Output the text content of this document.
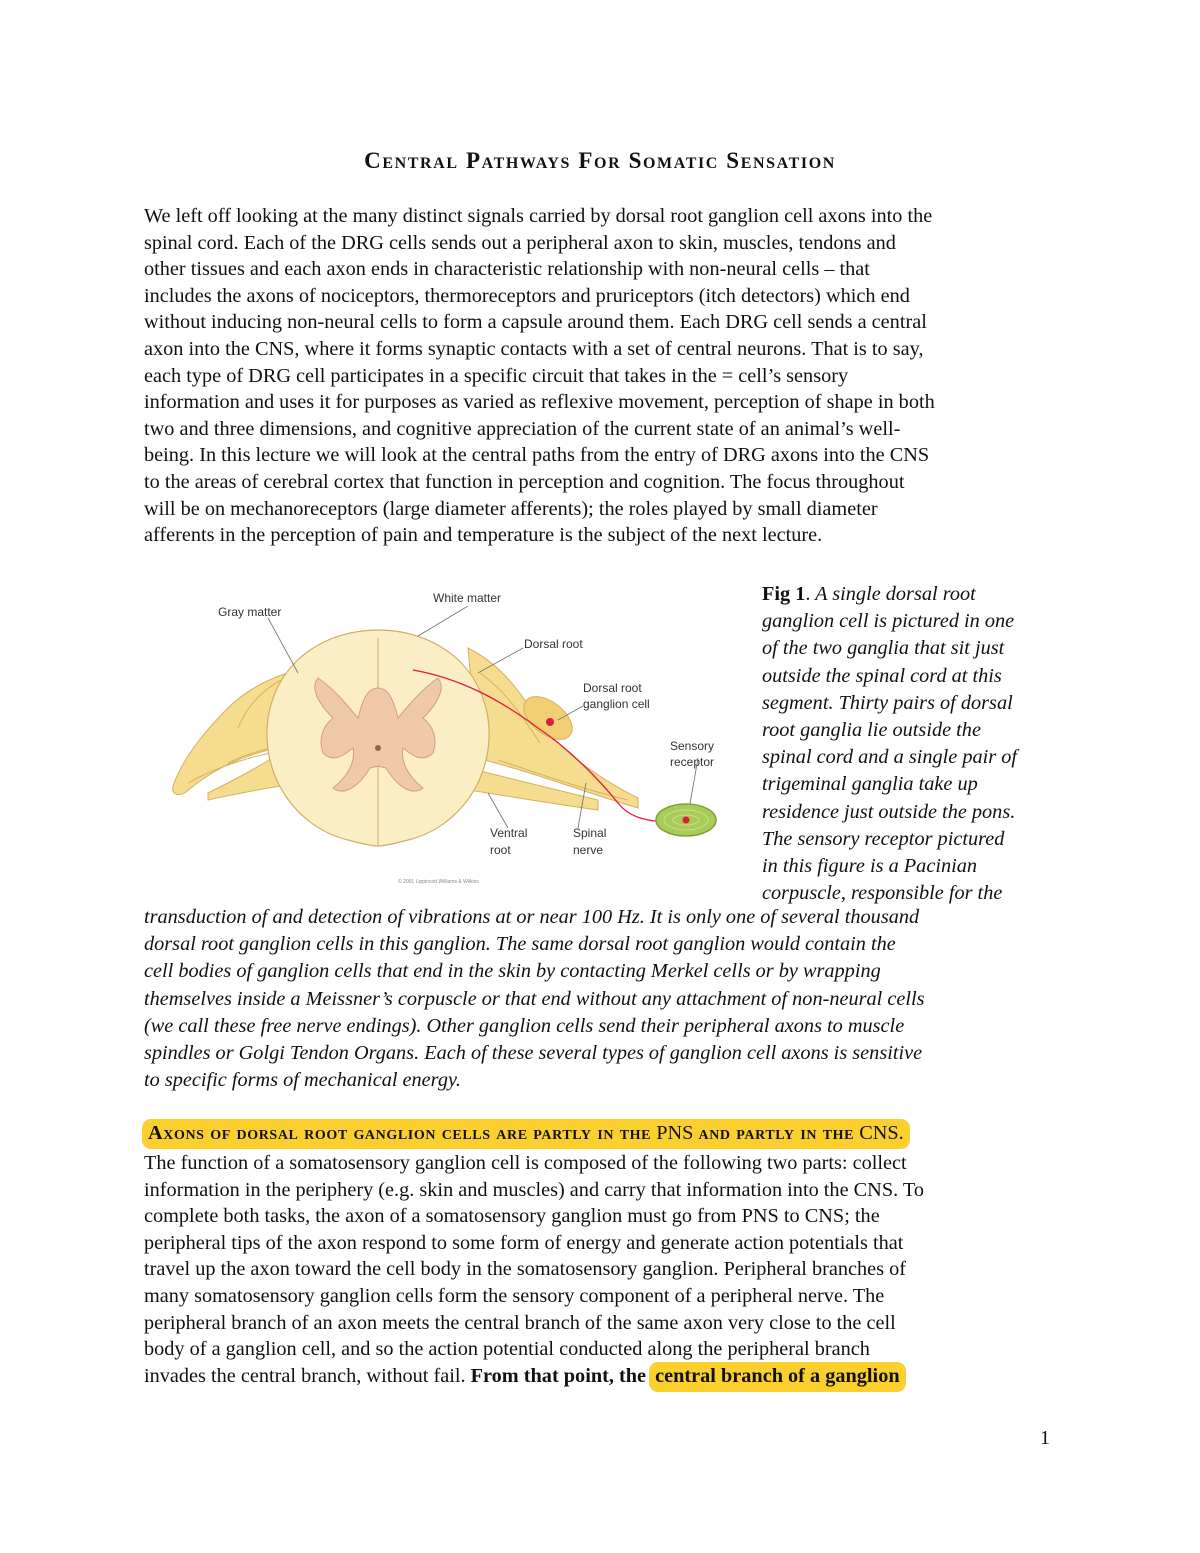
Central Pathways For Somatic Sensation
We left off looking at the many distinct signals carried by dorsal root ganglion cell axons into the
spinal cord. Each of the DRG cells sends out a peripheral axon to skin, muscles, tendons and
other tissues and each axon ends in characteristic relationship with non-neural cells – that
includes the axons of nociceptors, thermoreceptors and pruriceptors (itch detectors) which end
without inducing non-neural cells to form a capsule around them. Each DRG cell sends a central
axon into the CNS, where it forms synaptic contacts with a set of central neurons. That is to say,
each type of DRG cell participates in a specific circuit that takes in the = cell’s sensory
information and uses it for purposes as varied as reflexive movement, perception of shape in both
two and three dimensions, and cognitive appreciation of the current state of an animal’s well-
being. In this lecture we will look at the central paths from the entry of DRG axons into the CNS
to the areas of cerebral cortex that function in perception and cognition. The focus throughout
will be on mechanoreceptors (large diameter afferents); the roles played by small diameter
afferents in the perception of pain and temperature is the subject of the next lecture.
Gray matter
White matter
Dorsal root
Dorsal root
ganglion cell
Sensory
receptor
Ventral
root
Spinal
nerve
© 2001 Lippincott Williams & Wilkins
Fig 1. A single dorsal root
ganglion cell is pictured in one
of the two ganglia that sit just
outside the spinal cord at this
segment. Thirty pairs of dorsal
root ganglia lie outside the
spinal cord and a single pair of
trigeminal ganglia take up
residence just outside the pons.
The sensory receptor pictured
in this figure is a Pacinian
corpuscle, responsible for the
transduction of and detection of vibrations at or near 100 Hz. It is only one of several thousand
dorsal root ganglion cells in this ganglion. The same dorsal root ganglion would contain the
cell bodies of ganglion cells that end in the skin by contacting Merkel cells or by wrapping
themselves inside a Meissner’s corpuscle or that end without any attachment of non-neural cells
(we call these free nerve endings). Other ganglion cells send their peripheral axons to muscle
spindles or Golgi Tendon Organs. Each of these several types of ganglion cell axons is sensitive
to specific forms of mechanical energy.
Axons of dorsal root ganglion cells are partly in the PNS and partly in the CNS.
The function of a somatosensory ganglion cell is composed of the following two parts: collect
information in the periphery (e.g. skin and muscles) and carry that information into the CNS. To
complete both tasks, the axon of a somatosensory ganglion must go from PNS to CNS; the
peripheral tips of the axon respond to some form of energy and generate action potentials that
travel up the axon toward the cell body in the somatosensory ganglion. Peripheral branches of
many somatosensory ganglion cells form the sensory component of a peripheral nerve. The
peripheral branch of an axon meets the central branch of the same axon very close to the cell
body of a ganglion cell, and so the action potential conducted along the peripheral branch
invades the central branch, without fail. From that point, the central branch of a ganglion
1
